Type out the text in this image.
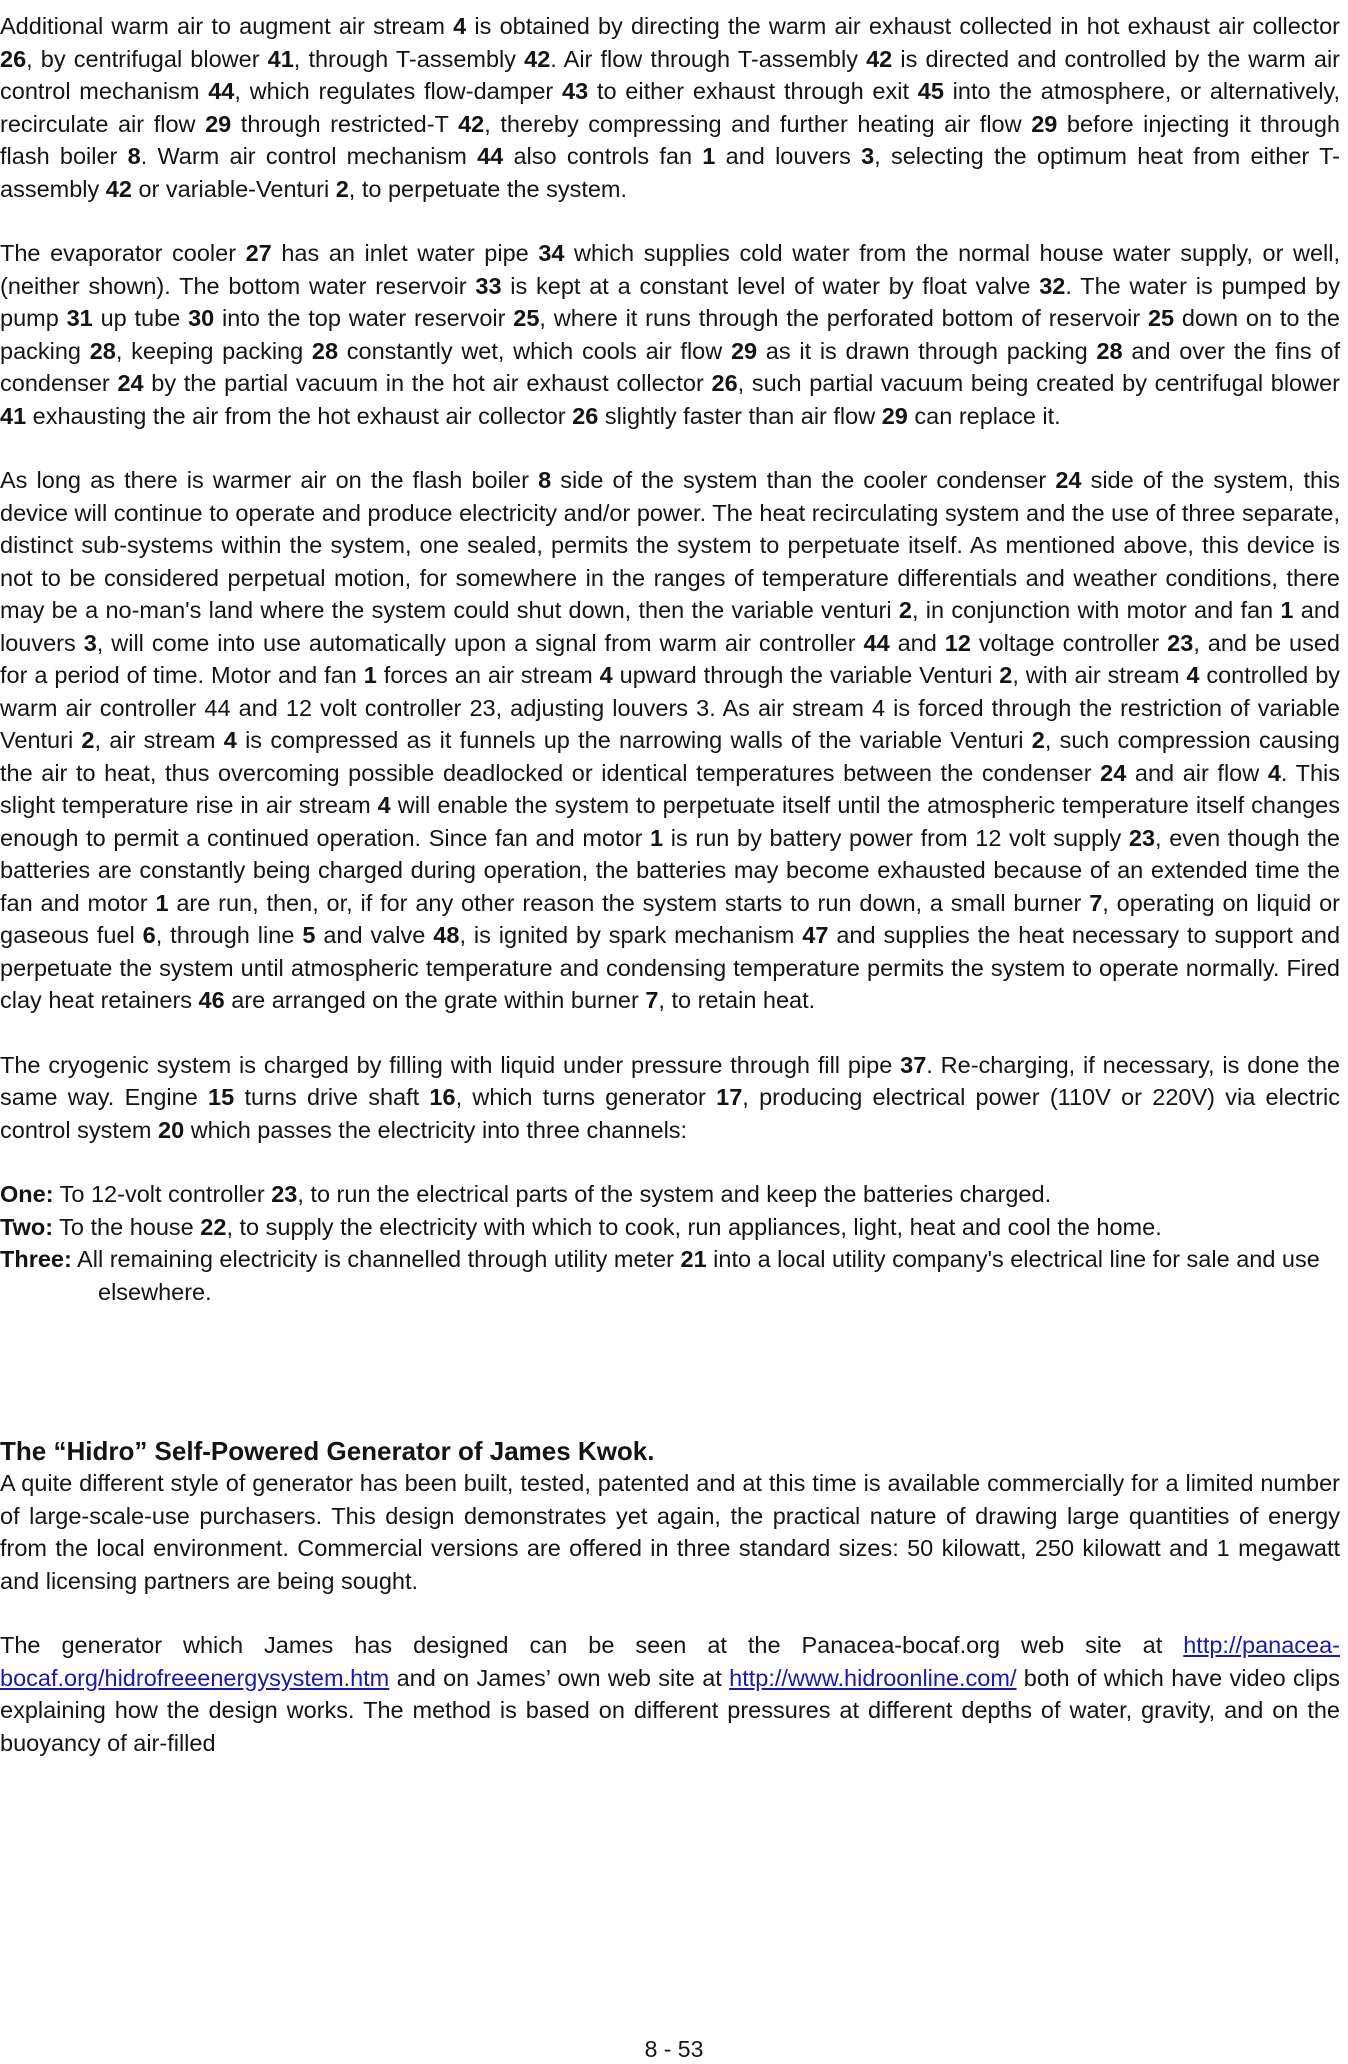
Additional warm air to augment air stream 4 is obtained by directing the warm air exhaust collected in hot exhaust air collector 26, by centrifugal blower 41, through T-assembly 42. Air flow through T-assembly 42 is directed and controlled by the warm air control mechanism 44, which regulates flow-damper 43 to either exhaust through exit 45 into the atmosphere, or alternatively, recirculate air flow 29 through restricted-T 42, thereby compressing and further heating air flow 29 before injecting it through flash boiler 8. Warm air control mechanism 44 also controls fan 1 and louvers 3, selecting the optimum heat from either T-assembly 42 or variable-Venturi 2, to perpetuate the system.

The evaporator cooler 27 has an inlet water pipe 34 which supplies cold water from the normal house water supply, or well, (neither shown). The bottom water reservoir 33 is kept at a constant level of water by float valve 32. The water is pumped by pump 31 up tube 30 into the top water reservoir 25, where it runs through the perforated bottom of reservoir 25 down on to the packing 28, keeping packing 28 constantly wet, which cools air flow 29 as it is drawn through packing 28 and over the fins of condenser 24 by the partial vacuum in the hot air exhaust collector 26, such partial vacuum being created by centrifugal blower 41 exhausting the air from the hot exhaust air collector 26 slightly faster than air flow 29 can replace it.

As long as there is warmer air on the flash boiler 8 side of the system than the cooler condenser 24 side of the system, this device will continue to operate and produce electricity and/or power. The heat recirculating system and the use of three separate, distinct sub-systems within the system, one sealed, permits the system to perpetuate itself. As mentioned above, this device is not to be considered perpetual motion, for somewhere in the ranges of temperature differentials and weather conditions, there may be a no-man's land where the system could shut down, then the variable venturi 2, in conjunction with motor and fan 1 and louvers 3, will come into use automatically upon a signal from warm air controller 44 and 12 voltage controller 23, and be used for a period of time. Motor and fan 1 forces an air stream 4 upward through the variable Venturi 2, with air stream 4 controlled by warm air controller 44 and 12 volt controller 23, adjusting louvers 3. As air stream 4 is forced through the restriction of variable Venturi 2, air stream 4 is compressed as it funnels up the narrowing walls of the variable Venturi 2, such compression causing the air to heat, thus overcoming possible deadlocked or identical temperatures between the condenser 24 and air flow 4. This slight temperature rise in air stream 4 will enable the system to perpetuate itself until the atmospheric temperature itself changes enough to permit a continued operation. Since fan and motor 1 is run by battery power from 12 volt supply 23, even though the batteries are constantly being charged during operation, the batteries may become exhausted because of an extended time the fan and motor 1 are run, then, or, if for any other reason the system starts to run down, a small burner 7, operating on liquid or gaseous fuel 6, through line 5 and valve 48, is ignited by spark mechanism 47 and supplies the heat necessary to support and perpetuate the system until atmospheric temperature and condensing temperature permits the system to operate normally. Fired clay heat retainers 46 are arranged on the grate within burner 7, to retain heat.

The cryogenic system is charged by filling with liquid under pressure through fill pipe 37. Re-charging, if necessary, is done the same way. Engine 15 turns drive shaft 16, which turns generator 17, producing electrical power (110V or 220V) via electric control system 20 which passes the electricity into three channels:

One: To 12-volt controller 23, to run the electrical parts of the system and keep the batteries charged.

Two: To the house 22, to supply the electricity with which to cook, run appliances, light, heat and cool the home.

Three: All remaining electricity is channelled through utility meter 21 into a local utility company's electrical line for sale and use elsewhere.

The “Hidro” Self-Powered Generator of James Kwok.

A quite different style of generator has been built, tested, patented and at this time is available commercially for a limited number of large-scale-use purchasers. This design demonstrates yet again, the practical nature of drawing large quantities of energy from the local environment. Commercial versions are offered in three standard sizes: 50 kilowatt, 250 kilowatt and 1 megawatt and licensing partners are being sought.

The generator which James has designed can be seen at the Panacea-bocaf.org web site at http://panacea-bocaf.org/hidrofreeenergysystem.htm and on James’ own web site at http://www.hidroonline.com/ both of which have video clips explaining how the design works. The method is based on different pressures at different depths of water, gravity, and on the buoyancy of air-filled

8 - 53
